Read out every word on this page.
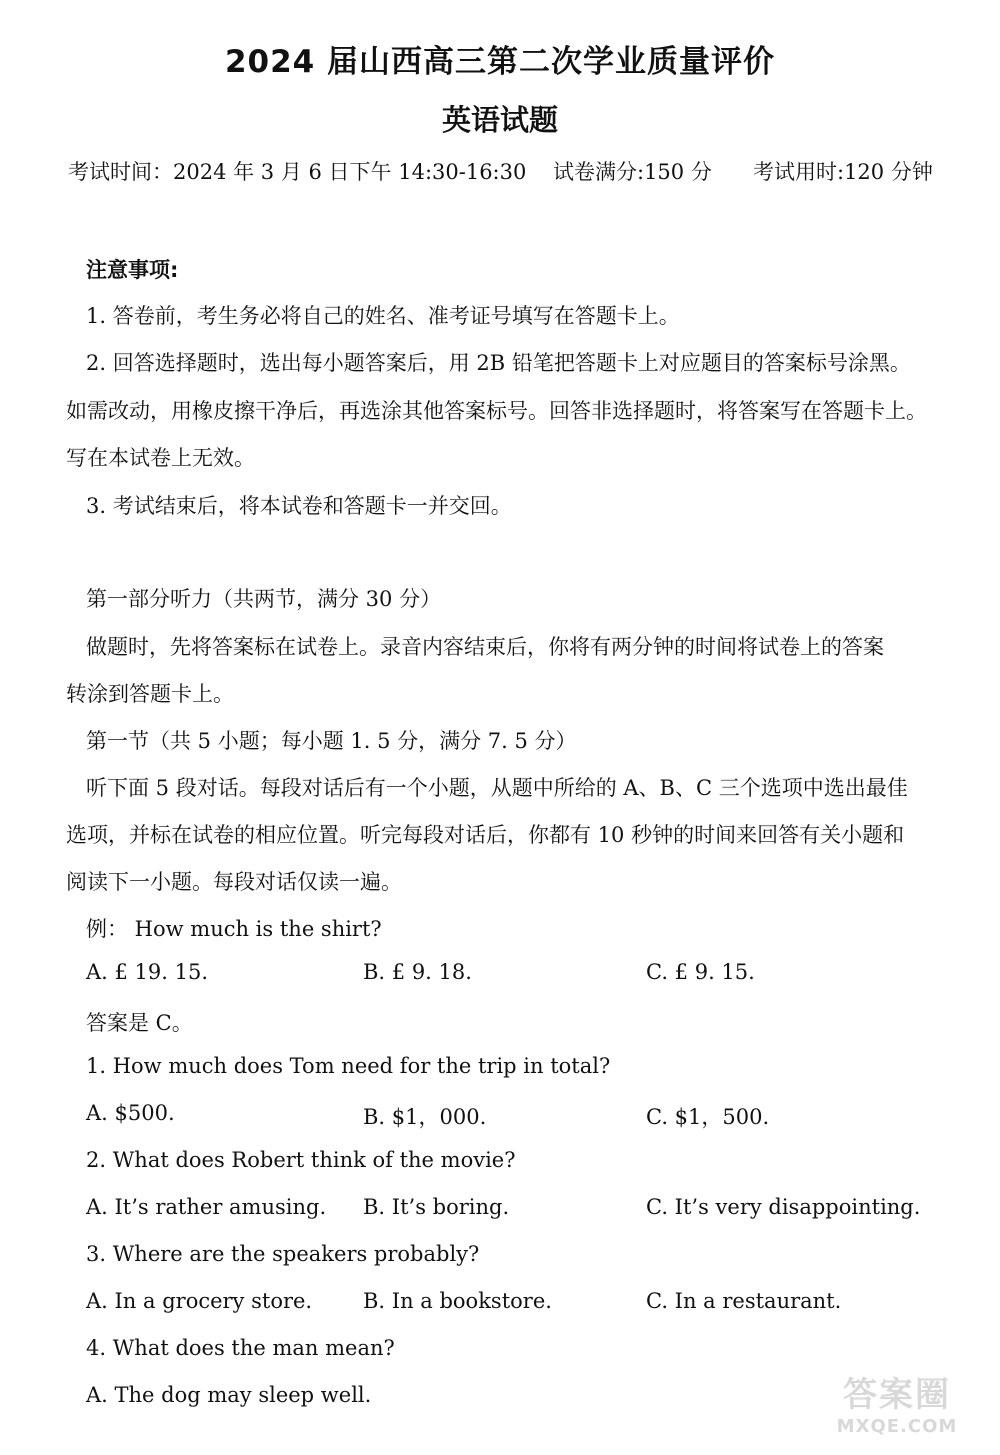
2024 届山西高三第二次学业质量评价
英语试题
考试时间：2024 年 3 月 6 日下午 14:30-16:30	试卷满分:150 分	考试用时:120 分钟
注意事项:
1. 答卷前，考生务必将自己的姓名、准考证号填写在答题卡上。
2. 回答选择题时，选出每小题答案后，用 2B 铅笔把答题卡上对应题目的答案标号涂黑。
如需改动，用橡皮擦干净后，再选涂其他答案标号。回答非选择题时，将答案写在答题卡上。
写在本试卷上无效。
3. 考试结束后，将本试卷和答题卡一并交回。
第一部分听力（共两节，满分 30 分）
做题时，先将答案标在试卷上。录音内容结束后，你将有两分钟的时间将试卷上的答案
转涂到答题卡上。
第一节（共 5 小题；每小题 1. 5 分，满分 7. 5 分）
听下面 5 段对话。每段对话后有一个小题，从题中所给的 A、B、C 三个选项中选出最佳
选项，并标在试卷的相应位置。听完每段对话后，你都有 10 秒钟的时间来回答有关小题和
阅读下一小题。每段对话仅读一遍。
例： How much is the shirt?
A. £ 19. 15.	B. £ 9. 18.	C. £ 9. 15.
答案是 C。
1. How much does Tom need for the trip in total?
A. $500.	B. $1，000.	C. $1，500.
2. What does Robert think of the movie?
A. It’s rather amusing. B. It’s boring.	C. It’s very disappointing.
3. Where are the speakers probably?
A. In a grocery store. B. In a bookstore.	C. In a restaurant.
4. What does the man mean?
A. The dog may sleep well.	答案圈
MXQE.COM
